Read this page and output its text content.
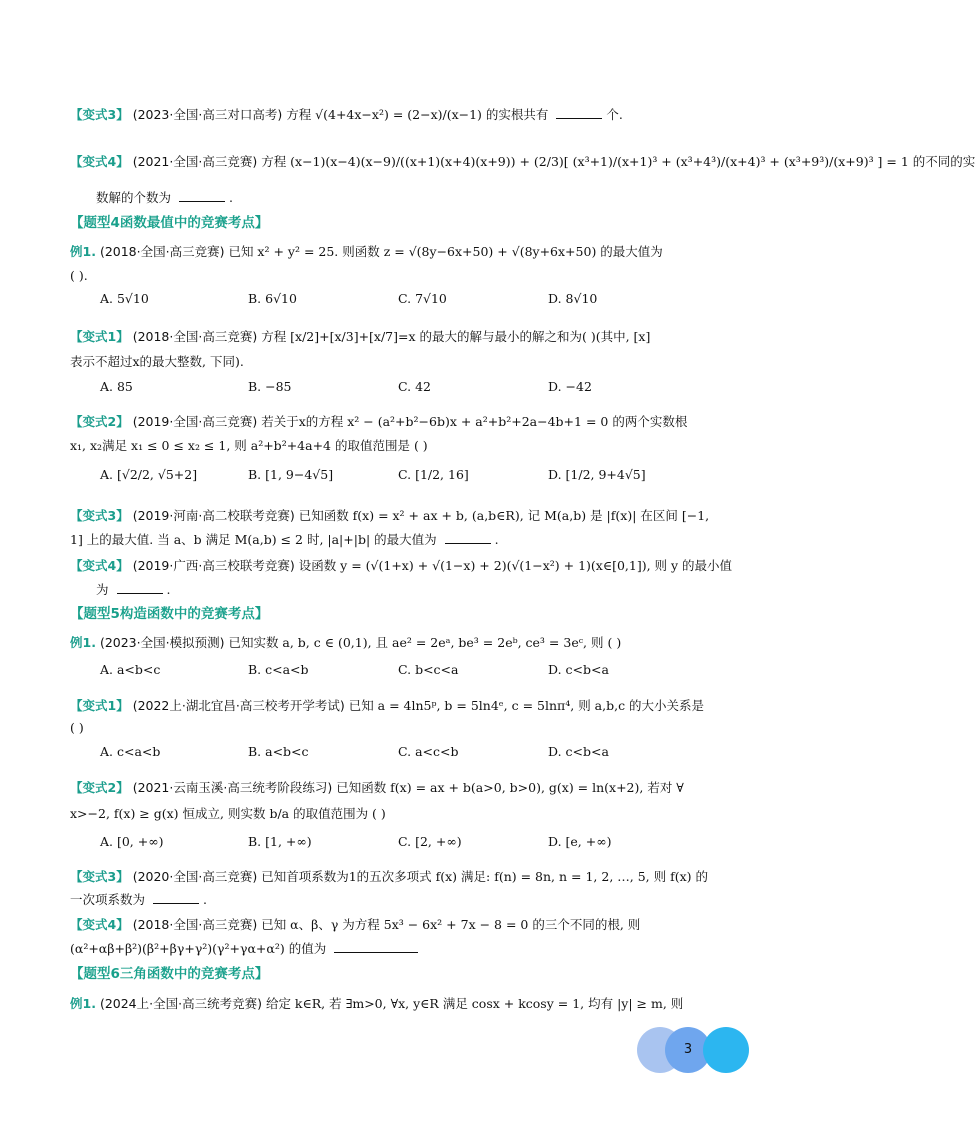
【变式3】 (2023·全国·高三对口高考) 方程 √(4+4x−x²) = (2−x)/(x−1) 的实根共有	个.
【变式4】 (2021·全国·高三竞赛) 方程 (x−1)(x−4)(x−9)/((x+1)(x+4)(x+9)) + (2/3)[ (x³+1)/(x+1)³ + (x³+4³)/(x+4)³ + (x³+9³)/(x+9)³ ] = 1 的不同的实
数解的个数为	.
【题型4函数最值中的竞赛考点】
例1. (2018·全国·高三竞赛) 已知 x² + y² = 25. 则函数 z = √(8y−6x+50) + √(8y+6x+50) 的最大值为
( ).
A. 5√10	B. 6√10	C. 7√10	D. 8√10
【变式1】 (2018·全国·高三竞赛) 方程 [x/2]+[x/3]+[x/7]=x 的最大的解与最小的解之和为( )(其中, [x]
表示不超过x的最大整数, 下同).
A. 85	B. −85	C. 42	D. −42
【变式2】 (2019·全国·高三竞赛) 若关于x的方程 x² − (a²+b²−6b)x + a²+b²+2a−4b+1 = 0 的两个实数根
x₁, x₂满足 x₁ ≤ 0 ≤ x₂ ≤ 1, 则 a²+b²+4a+4 的取值范围是 ( )
A. [√2/2, √5+2]	B. [1, 9−4√5]	C. [1/2, 16]	D. [1/2, 9+4√5]
【变式3】 (2019·河南·高二校联考竞赛) 已知函数 f(x) = x² + ax + b, (a,b∈R), 记 M(a,b) 是 |f(x)| 在区间 [−1,
1] 上的最大值. 当 a、b 满足 M(a,b) ≤ 2 时, |a|+|b| 的最大值为	.
【变式4】 (2019·广西·高三校联考竞赛) 设函数 y = (√(1+x) + √(1−x) + 2)(√(1−x²) + 1)(x∈[0,1]), 则 y 的最小值
为	.
【题型5构造函数中的竞赛考点】
例1. (2023·全国·模拟预测) 已知实数 a, b, c ∈ (0,1), 且 ae² = 2eᵃ, be³ = 2eᵇ, ce³ = 3eᶜ, 则 ( )
A. a<b<c	B. c<a<b	C. b<c<a	D. c<b<a
【变式1】 (2022上·湖北宜昌·高三校考开学考试) 已知 a = 4ln5ᵖ, b = 5ln4ᵉ, c = 5lnπ⁴, 则 a,b,c 的大小关系是
( )
A. c<a<b	B. a<b<c	C. a<c<b	D. c<b<a
【变式2】 (2021·云南玉溪·高三统考阶段练习) 已知函数 f(x) = ax + b(a>0, b>0), g(x) = ln(x+2), 若对 ∀
x>−2, f(x) ≥ g(x) 恒成立, 则实数 b/a 的取值范围为 ( )
A. [0, +∞)	B. [1, +∞)	C. [2, +∞)	D. [e, +∞)
【变式3】 (2020·全国·高三竞赛) 已知首项系数为1的五次多项式 f(x) 满足: f(n) = 8n, n = 1, 2, …, 5, 则 f(x) 的
一次项系数为	.
【变式4】 (2018·全国·高三竞赛) 已知 α、β、γ 为方程 5x³ − 6x² + 7x − 8 = 0 的三个不同的根, 则
(α²+αβ+β²)(β²+βγ+γ²)(γ²+γα+α²) 的值为
【题型6三角函数中的竞赛考点】
例1. (2024上·全国·高三统考竞赛) 给定 k∈R, 若 ∃m>0, ∀x, y∈R 满足 cosx + kcosy = 1, 均有 |y| ≥ m, 则
3
